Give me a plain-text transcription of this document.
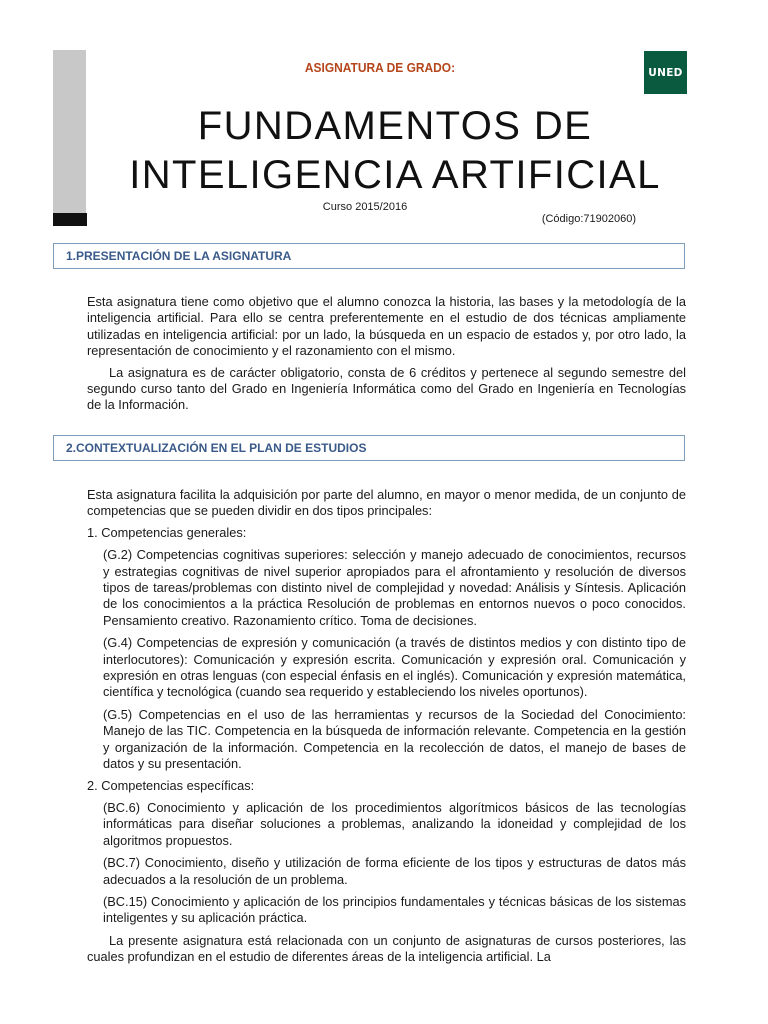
UNED
ASIGNATURA DE GRADO:
FUNDAMENTOS DE
INTELIGENCIA ARTIFICIAL
Curso 2015/2016
(Código:71902060)
1.PRESENTACIÓN DE LA ASIGNATURA

Esta asignatura tiene como objetivo que el alumno conozca la historia, las bases y la metodología de la inteligencia artificial. Para ello se centra preferentemente en el estudio de dos técnicas ampliamente utilizadas en inteligencia artificial: por un lado, la búsqueda en un espacio de estados y, por otro lado, la representación de conocimiento y el razonamiento con el mismo.

La asignatura es de carácter obligatorio, consta de 6 créditos y pertenece al segundo semestre del segundo curso tanto del Grado en Ingeniería Informática como del Grado en Ingeniería en Tecnologías de la Información.

2.CONTEXTUALIZACIÓN EN EL PLAN DE ESTUDIOS

Esta asignatura facilita la adquisición por parte del alumno, en mayor o menor medida, de un conjunto de competencias que se pueden dividir en dos tipos principales:

1. Competencias generales:

(G.2) Competencias cognitivas superiores: selección y manejo adecuado de conocimientos, recursos y estrategias cognitivas de nivel superior apropiados para el afrontamiento y resolución de diversos tipos de tareas/problemas con distinto nivel de complejidad y novedad: Análisis y Síntesis. Aplicación de los conocimientos a la práctica Resolución de problemas en entornos nuevos o poco conocidos. Pensamiento creativo. Razonamiento crítico. Toma de decisiones.

(G.4) Competencias de expresión y comunicación (a través de distintos medios y con distinto tipo de interlocutores): Comunicación y expresión escrita. Comunicación y expresión oral. Comunicación y expresión en otras lenguas (con especial énfasis en el inglés). Comunicación y expresión matemática, científica y tecnológica (cuando sea requerido y estableciendo los niveles oportunos).

(G.5) Competencias en el uso de las herramientas y recursos de la Sociedad del Conocimiento: Manejo de las TIC. Competencia en la búsqueda de información relevante. Competencia en la gestión y organización de la información. Competencia en la recolección de datos, el manejo de bases de datos y su presentación.

2. Competencias específicas:

(BC.6) Conocimiento y aplicación de los procedimientos algorítmicos básicos de las tecnologías informáticas para diseñar soluciones a problemas, analizando la idoneidad y complejidad de los algoritmos propuestos.

(BC.7) Conocimiento, diseño y utilización de forma eficiente de los tipos y estructuras de datos más adecuados a la resolución de un problema.

(BC.15) Conocimiento y aplicación de los principios fundamentales y técnicas básicas de los sistemas inteligentes y su aplicación práctica.

La presente asignatura está relacionada con un conjunto de asignaturas de cursos posteriores, las cuales profundizan en el estudio de diferentes áreas de la inteligencia artificial. La
